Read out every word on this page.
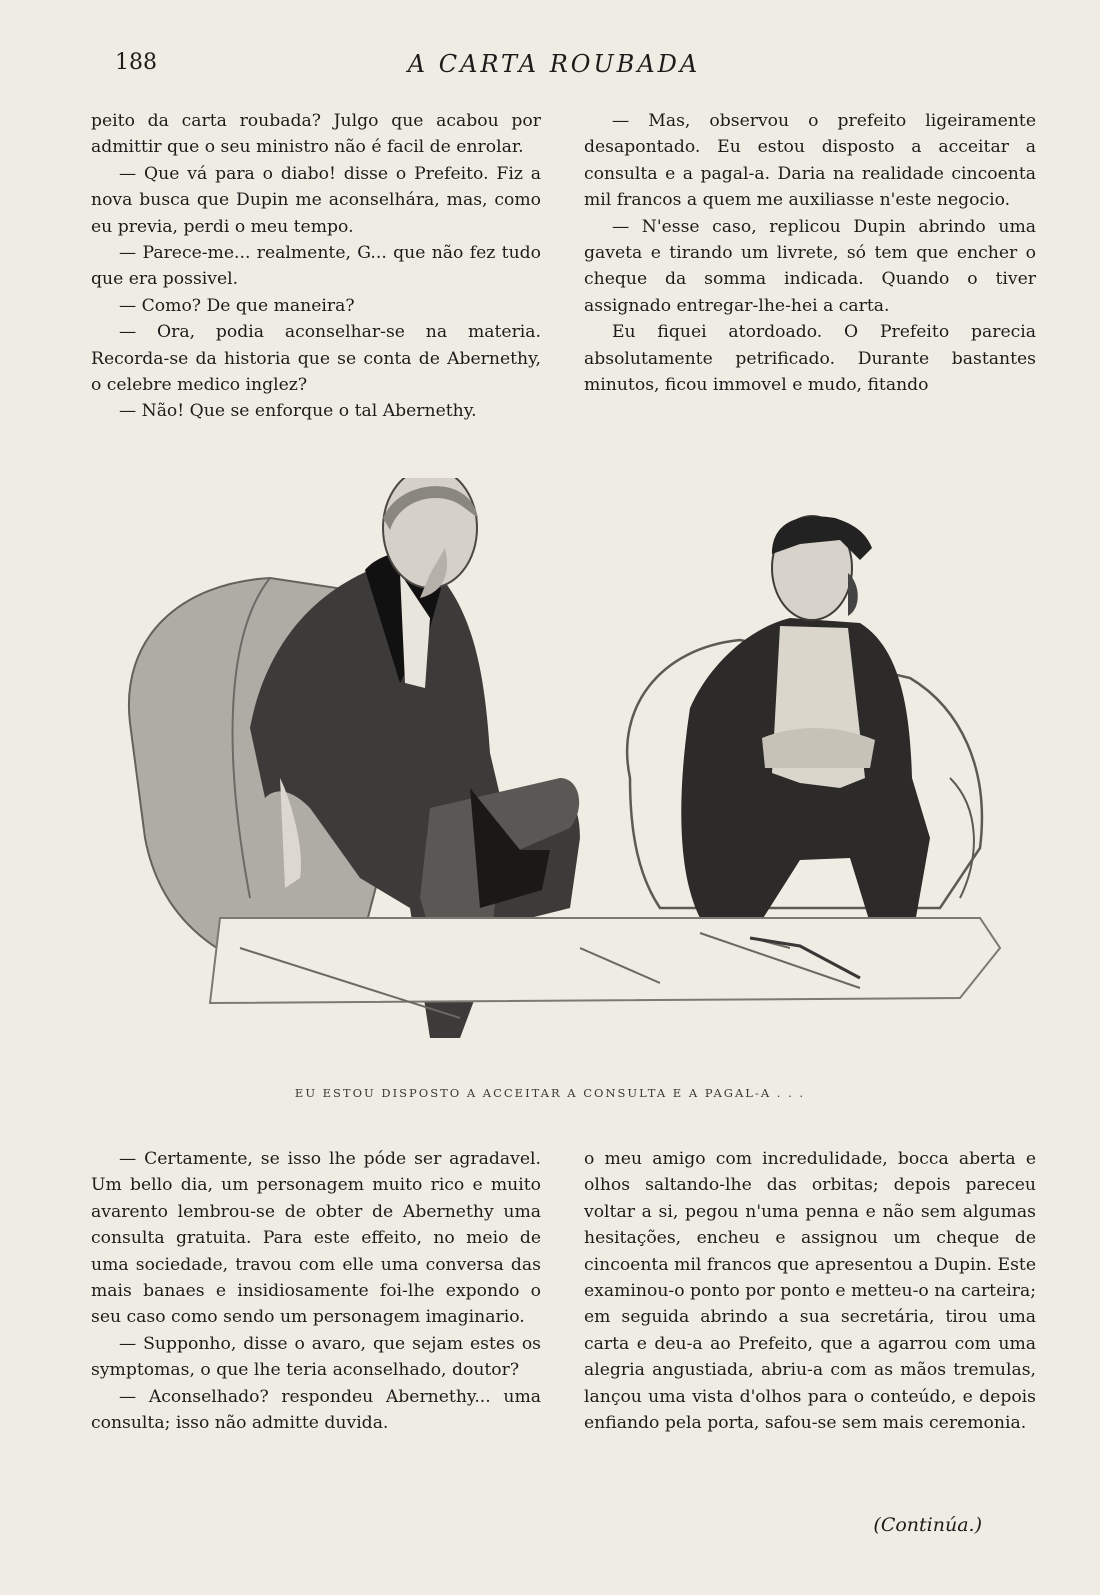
188	A CARTA ROUBADA

peito da carta roubada? Julgo que acabou por admittir que o seu ministro não é facil de enrolar.

— Que vá para o diabo! disse o Prefeito. Fiz a nova busca que Dupin me aconselhára, mas, como eu previa, perdi o meu tempo.

— Parece-me... realmente, G... que não fez tudo que era possivel.

— Como? De que maneira?

— Ora, podia aconselhar-se na materia. Recorda-se da historia que se conta de Abernethy, o celebre medico inglez?

— Não! Que se enforque o tal Abernethy.

— Mas, observou o prefeito ligeiramente desapontado. Eu estou disposto a acceitar a consulta e a pagal-a. Daria na realidade cincoenta mil francos a quem me auxiliasse n'este negocio.

— N'esse caso, replicou Dupin abrindo uma gaveta e tirando um livrete, só tem que encher o cheque da somma indicada. Quando o tiver assignado entregar-lhe-hei a carta.

Eu fiquei atordoado. O Prefeito parecia absolutamente petrificado. Durante bastantes minutos, ficou immovel e mudo, fitando

EU ESTOU DISPOSTO A ACCEITAR A CONSULTA E A PAGAL-A . . .

— Certamente, se isso lhe póde ser agradavel. Um bello dia, um personagem muito rico e muito avarento lembrou-se de obter de Abernethy uma consulta gratuita. Para este effeito, no meio de uma sociedade, travou com elle uma conversa das mais banaes e insidiosamente foi-lhe expondo o seu caso como sendo um personagem imaginario.

— Supponho, disse o avaro, que sejam estes os symptomas, o que lhe teria aconselhado, doutor?

— Aconselhado? respondeu Abernethy... uma consulta; isso não admitte duvida.

o meu amigo com incredulidade, bocca aberta e olhos saltando-lhe das orbitas; depois pareceu voltar a si, pegou n'uma penna e não sem algumas hesitações, encheu e assignou um cheque de cincoenta mil francos que apresentou a Dupin. Este examinou-o ponto por ponto e metteu-o na carteira; em seguida abrindo a sua secretária, tirou uma carta e deu-a ao Prefeito, que a agarrou com uma alegria angustiada, abriu-a com as mãos tremulas, lançou uma vista d'olhos para o conteúdo, e depois enfiando pela porta, safou-se sem mais ceremonia.

(Continúa.)
